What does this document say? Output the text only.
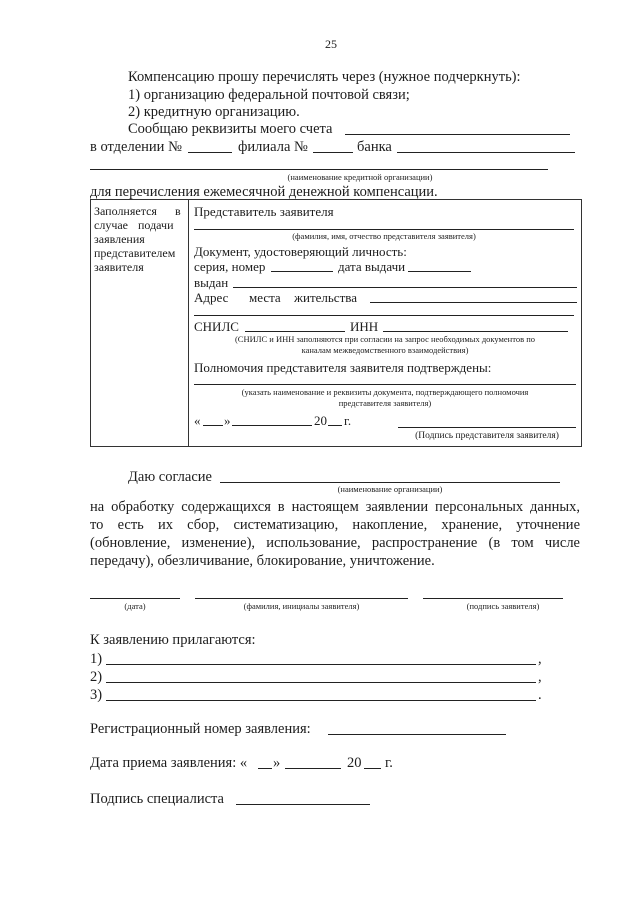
25
Компенсацию прошу перечислять через (нужное подчеркнуть):
1) организацию федеральной почтовой связи;
2) кредитную организацию.
Сообщаю реквизиты моего счета
в отделении №	филиала №	банка
(наименование кредитной организации)
для перечисления ежемесячной денежной компенсации.
Заполняется в
случае подачи
заявления
представителем
заявителя
Представитель заявителя
(фамилия, имя, отчество представителя заявителя)
Документ, удостоверяющий личность:
серия, номер	дата выдачи
выдан
Адрес места жительства
СНИЛС	ИНН
(СНИЛС и ИНН заполняются при согласии на запрос необходимых документов по
каналам межведомственного взаимодействия)
Полномочия представителя заявителя подтверждены:
(указать наименование и реквизиты документа, подтверждающего полномочия
представителя заявителя)
« »	20 г.
(Подпись представителя заявителя)
Даю согласие
(наименование организации)
на обработку содержащихся в настоящем заявлении персональных данных,
то есть их сбор, систематизацию, накопление, хранение, уточнение
(обновление, изменение), использование, распространение (в том числе
передачу), обезличивание, блокирование, уничтожение.
(дата)	(фамилия, инициалы заявителя)	(подпись заявителя)
К заявлению прилагаются:
1)	,
2)	,
3)	.
Регистрационный номер заявления:
Дата приема заявления: « »	20 г.
Подпись специалиста
